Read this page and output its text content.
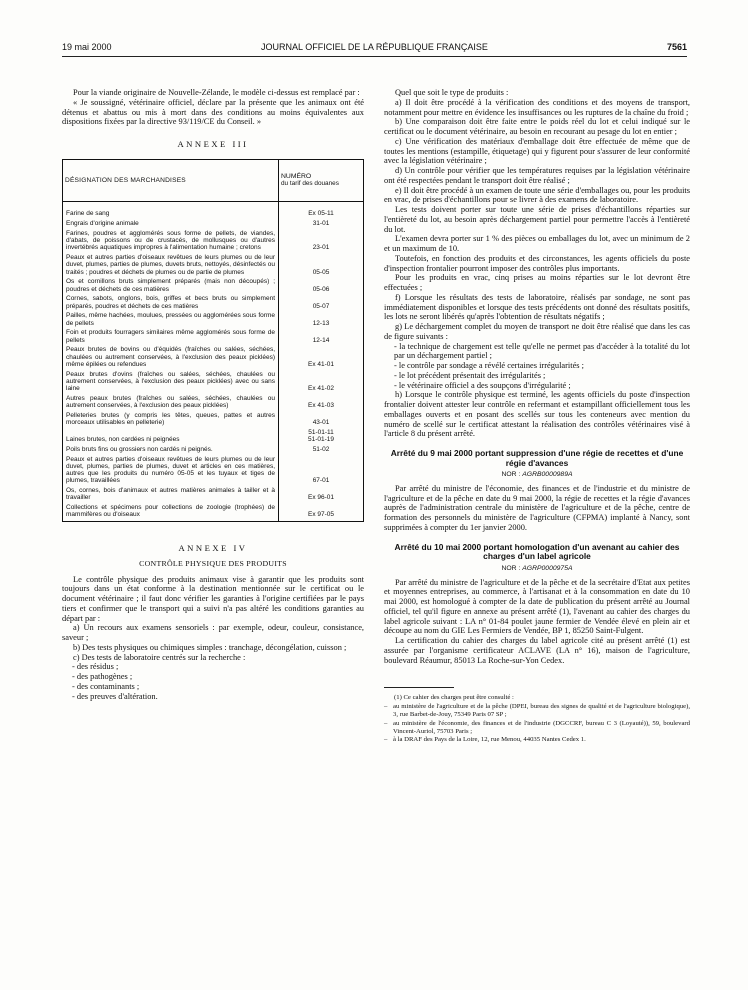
19 mai 2000	JOURNAL OFFICIEL DE LA RÉPUBLIQUE FRANÇAISE	7561

Pour la viande originaire de Nouvelle-Zélande, le modèle ci-dessus est remplacé par :

« Je soussigné, vétérinaire officiel, déclare par la présente que les animaux ont été détenus et abattus ou mis à mort dans des conditions au moins équivalentes aux dispositions fixées par la directive 93/119/CE du Conseil. »

ANNEXE III
DÉSIGNATION DES MARCHANDISES	NUMÉRO
du tarif des douanes

Farine de sang	Ex 05-11
Engrais d'origine animale	31-01
Farines, poudres et agglomérés sous forme de pellets, de viandes, d'abats, de poissons ou de crustacés, de mollusques ou d'autres invertébrés aquatiques impropres à l'alimentation humaine ; cretons	23-01
Peaux et autres parties d'oiseaux revêtues de leurs plumes ou de leur duvet, plumes, parties de plumes, duvets bruts, nettoyés, désinfectés ou traités ; poudres et déchets de plumes ou de partie de plumes	05-05
Os et cornillons bruts simplement préparés (mais non découpés) ; poudres et déchets de ces matières	05-06
Cornes, sabots, onglons, bois, griffes et becs bruts ou simplement préparés, poudres et déchets de ces matières	05-07
Pailles, même hachées, moulues, pressées ou agglomérées sous forme de pellets	12-13
Foin et produits fourragers similaires même agglomérés sous forme de pellets	12-14
Peaux brutes de bovins ou d'équidés (fraîches ou salées, séchées, chaulées ou autrement conservées, à l'exclusion des peaux picklées) même épilées ou refendues	Ex 41-01
Peaux brutes d'ovins (fraîches ou salées, séchées, chaulées ou autrement conservées, à l'exclusion des peaux picklées) avec ou sans laine	Ex 41-02
Autres peaux brutes (fraîches ou salées, séchées, chaulées ou autrement conservées, à l'exclusion des peaux picklées)	Ex 41-03
Pelleteries brutes (y compris les têtes, queues, pattes et autres morceaux utilisables en pelleterie)	43-01
Laines brutes, non cardées ni peignées	51-01-11
51-01-19
Poils bruts fins ou grossiers non cardés ni peignés.	51-02
Peaux et autres parties d'oiseaux revêtues de leurs plumes ou de leur duvet, plumes, parties de plumes, duvet et articles en ces matières, autres que les produits du numéro 05-05 et les tuyaux et tiges de plumes, travaillées	67-01
Os, cornes, bois d'animaux et autres matières animales à tailler et à travailler	Ex 96-01
Collections et spécimens pour collections de zoologie (trophées) de mammifères ou d'oiseaux	Ex 97-05
ANNEXE IV
CONTRÔLE PHYSIQUE DES PRODUITS

Le contrôle physique des produits animaux vise à garantir que les produits sont toujours dans un état conforme à la destination mentionnée sur le certificat ou le document vétérinaire ; il faut donc vérifier les garanties à l'origine certifiées par le pays tiers et confirmer que le transport qui a suivi n'a pas altéré les conditions garanties au départ par :

a) Un recours aux examens sensoriels : par exemple, odeur, couleur, consistance, saveur ;

b) Des tests physiques ou chimiques simples : tranchage, décongélation, cuisson ;

c) Des tests de laboratoire centrés sur la recherche :

- des résidus ;

- des pathogènes ;

- des contaminants ;

- des preuves d'altération.

Quel que soit le type de produits :

a) Il doit être procédé à la vérification des conditions et des moyens de transport, notamment pour mettre en évidence les insuffisances ou les ruptures de la chaîne du froid ;

b) Une comparaison doit être faite entre le poids réel du lot et celui indiqué sur le certificat ou le document vétérinaire, au besoin en recourant au pesage du lot en entier ;

c) Une vérification des matériaux d'emballage doit être effectuée de même que de toutes les mentions (estampille, étiquetage) qui y figurent pour s'assurer de leur conformité avec la législation vétérinaire ;

d) Un contrôle pour vérifier que les températures requises par la législation vétérinaire ont été respectées pendant le transport doit être réalisé ;

e) Il doit être procédé à un examen de toute une série d'emballages ou, pour les produits en vrac, de prises d'échantillons pour se livrer à des examens de laboratoire.

Les tests doivent porter sur toute une série de prises d'échantillons réparties sur l'entièreté du lot, au besoin après déchargement partiel pour permettre l'accès à l'entièreté du lot.

L'examen devra porter sur 1 % des pièces ou emballages du lot, avec un minimum de 2 et un maximum de 10.

Toutefois, en fonction des produits et des circonstances, les agents officiels du poste d'inspection frontalier pourront imposer des contrôles plus importants.

Pour les produits en vrac, cinq prises au moins réparties sur le lot devront être effectuées ;

f) Lorsque les résultats des tests de laboratoire, réalisés par sondage, ne sont pas immédiatement disponibles et lorsque des tests précédents ont donné des résultats positifs, les lots ne seront libérés qu'après l'obtention de résultats négatifs ;

g) Le déchargement complet du moyen de transport ne doit être réalisé que dans les cas de figure suivants :

- la technique de chargement est telle qu'elle ne permet pas d'accéder à la totalité du lot par un déchargement partiel ;

- le contrôle par sondage a révélé certaines irrégularités ;

- le lot précédent présentait des irrégularités ;

- le vétérinaire officiel a des soupçons d'irrégularité ;

h) Lorsque le contrôle physique est terminé, les agents officiels du poste d'inspection frontalier doivent attester leur contrôle en refermant et estampillant officiellement tous les emballages ouverts et en posant des scellés sur tous les conteneurs avec mention du numéro de scellé sur le certificat attestant la réalisation des contrôles vétérinaires visé à l'article 8 du présent arrêté.

Arrêté du 9 mai 2000 portant suppression d'une régie de recettes et d'une régie d'avances
NOR : AGRB0000989A

Par arrêté du ministre de l'économie, des finances et de l'industrie et du ministre de l'agriculture et de la pêche en date du 9 mai 2000, la régie de recettes et la régie d'avances auprès de l'administration centrale du ministère de l'agriculture et de la pêche, centre de formation des personnels du ministère de l'agriculture (CFPMA) implanté à Nancy, sont supprimées à compter du 1er janvier 2000.

Arrêté du 10 mai 2000 portant homologation d'un avenant au cahier des charges d'un label agricole
NOR : AGRP0000975A

Par arrêté du ministre de l'agriculture et de la pêche et de la secrétaire d'Etat aux petites et moyennes entreprises, au commerce, à l'artisanat et à la consommation en date du 10 mai 2000, est homologué à compter de la date de publication du présent arrêté au Journal officiel, tel qu'il figure en annexe au présent arrêté (1), l'avenant au cahier des charges du label agricole suivant : LA n° 01-84 poulet jaune fermier de Vendée élevé en plein air et découpe au nom du GIE Les Fermiers de Vendée, BP 1, 85250 Saint-Fulgent.

La certification du cahier des charges du label agricole cité au présent arrêté (1) est assurée par l'organisme certificateur ACLAVE (LA n° 16), maison de l'agriculture, boulevard Réaumur, 85013 La Roche-sur-Yon Cedex.

(1) Ce cahier des charges peut être consulté :

– au ministère de l'agriculture et de la pêche (DPEI, bureau des signes de qualité et de l'agriculture biologique), 3, rue Barbet-de-Jouy, 75349 Paris 07 SP ;

– au ministère de l'économie, des finances et de l'industrie (DGCCRF, bureau C 3 (Loyauté)), 59, boulevard Vincent-Auriol, 75703 Paris ;

– à la DRAF des Pays de la Loire, 12, rue Menou, 44035 Nantes Cedex 1.
